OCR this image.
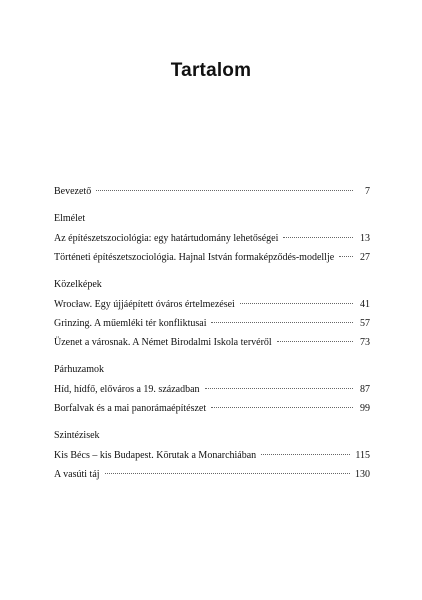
Tartalom
Bevezető	7
Elmélet
Az építészetszociológia: egy határtudomány lehetőségei	13
Történeti építészetszociológia. Hajnal István formaképződés-modellje	27
Közelképek
Wrocław. Egy újjáépített óváros értelmezései	41
Grinzing. A műemléki tér konfliktusai	57
Üzenet a városnak. A Német Birodalmi Iskola tervéről	73
Párhuzamok
Híd, hídfő, előváros a 19. században	87
Borfalvak és a mai panorámaépítészet	99
Szintézisek
Kis Bécs – kis Budapest. Körutak a Monarchiában	115
A vasúti táj	130
